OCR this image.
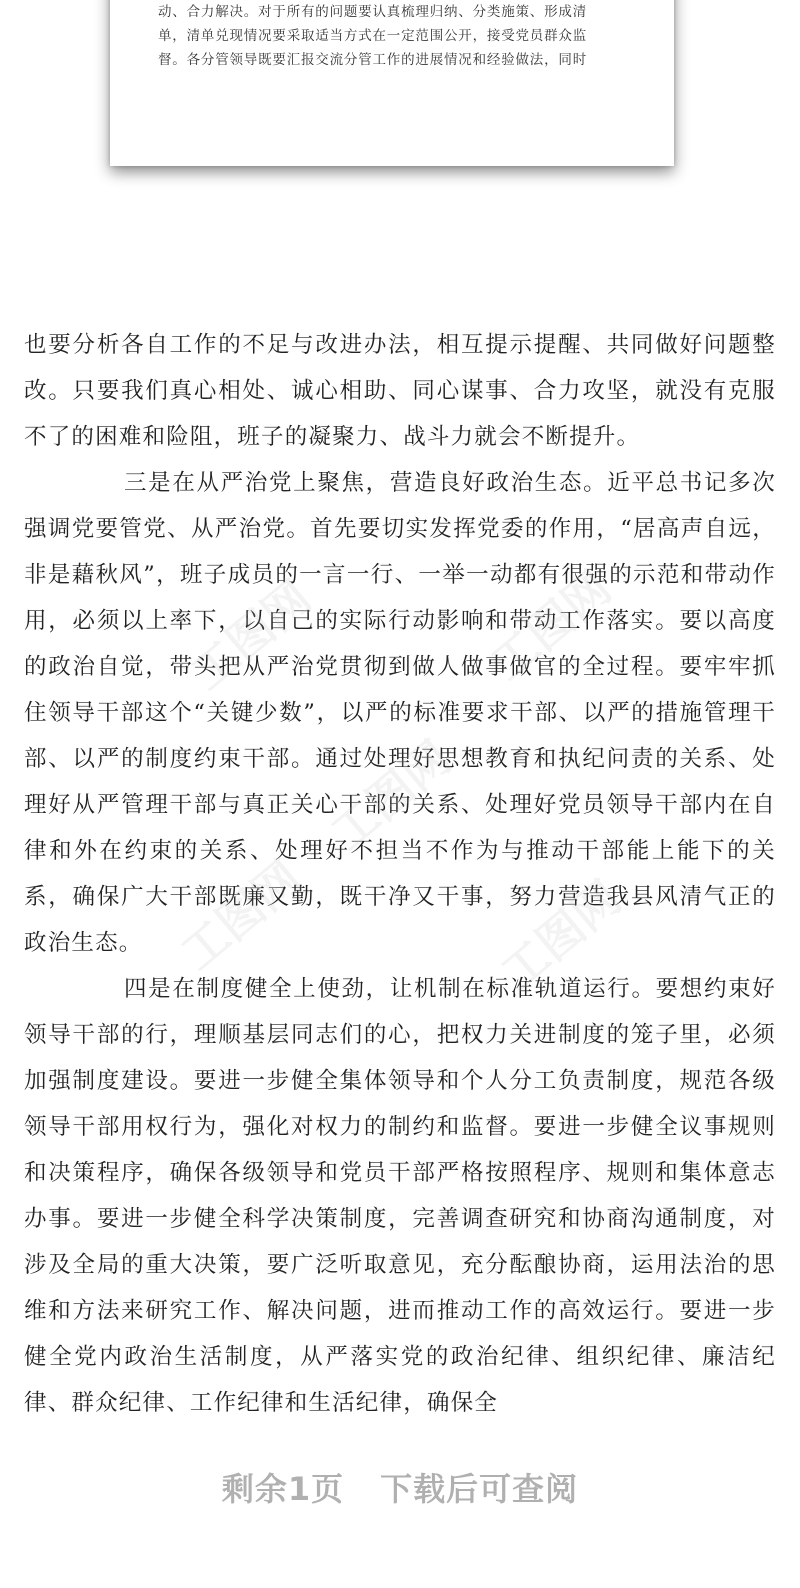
动、合力解决。对于所有的问题要认真梳理归纳、分类施策、形成清
单，清单兑现情况要采取适当方式在一定范围公开，接受党员群众监
督。各分管领导既要汇报交流分管工作的进展情况和经验做法，同时

也要分析各自工作的不足与改进办法，相互提示提醒、共同做好问题整改。只要我们真心相处、诚心相助、同心谋事、合力攻坚，就没有克服不了的困难和险阻，班子的凝聚力、战斗力就会不断提升。

三是在从严治党上聚焦，营造良好政治生态。近平总书记多次强调党要管党、从严治党。首先要切实发挥党委的作用，“居高声自远，非是藉秋风”，班子成员的一言一行、一举一动都有很强的示范和带动作用，必须以上率下，以自己的实际行动影响和带动工作落实。要以高度的政治自觉，带头把从严治党贯彻到做人做事做官的全过程。要牢牢抓住领导干部这个“关键少数”，以严的标准要求干部、以严的措施管理干部、以严的制度约束干部。通过处理好思想教育和执纪问责的关系、处理好从严管理干部与真正关心干部的关系、处理好党员领导干部内在自律和外在约束的关系、处理好不担当不作为与推动干部能上能下的关系，确保广大干部既廉又勤，既干净又干事，努力营造我县风清气正的政治生态。

四是在制度健全上使劲，让机制在标准轨道运行。要想约束好领导干部的行，理顺基层同志们的心，把权力关进制度的笼子里，必须加强制度建设。要进一步健全集体领导和个人分工负责制度，规范各级领导干部用权行为，强化对权力的制约和监督。要进一步健全议事规则和决策程序，确保各级领导和党员干部严格按照程序、规则和集体意志办事。要进一步健全科学决策制度，完善调查研究和协商沟通制度，对涉及全局的重大决策，要广泛听取意见，充分酝酿协商，运用法治的思维和方法来研究工作、解决问题，进而推动工作的高效运行。要进一步健全党内政治生活制度，从严落实党的政治纪律、组织纪律、廉洁纪律、群众纪律、工作纪律和生活纪律，确保全

工图网	工图网
工图网
工图网	工图网
剩余1页 下载后可查阅
